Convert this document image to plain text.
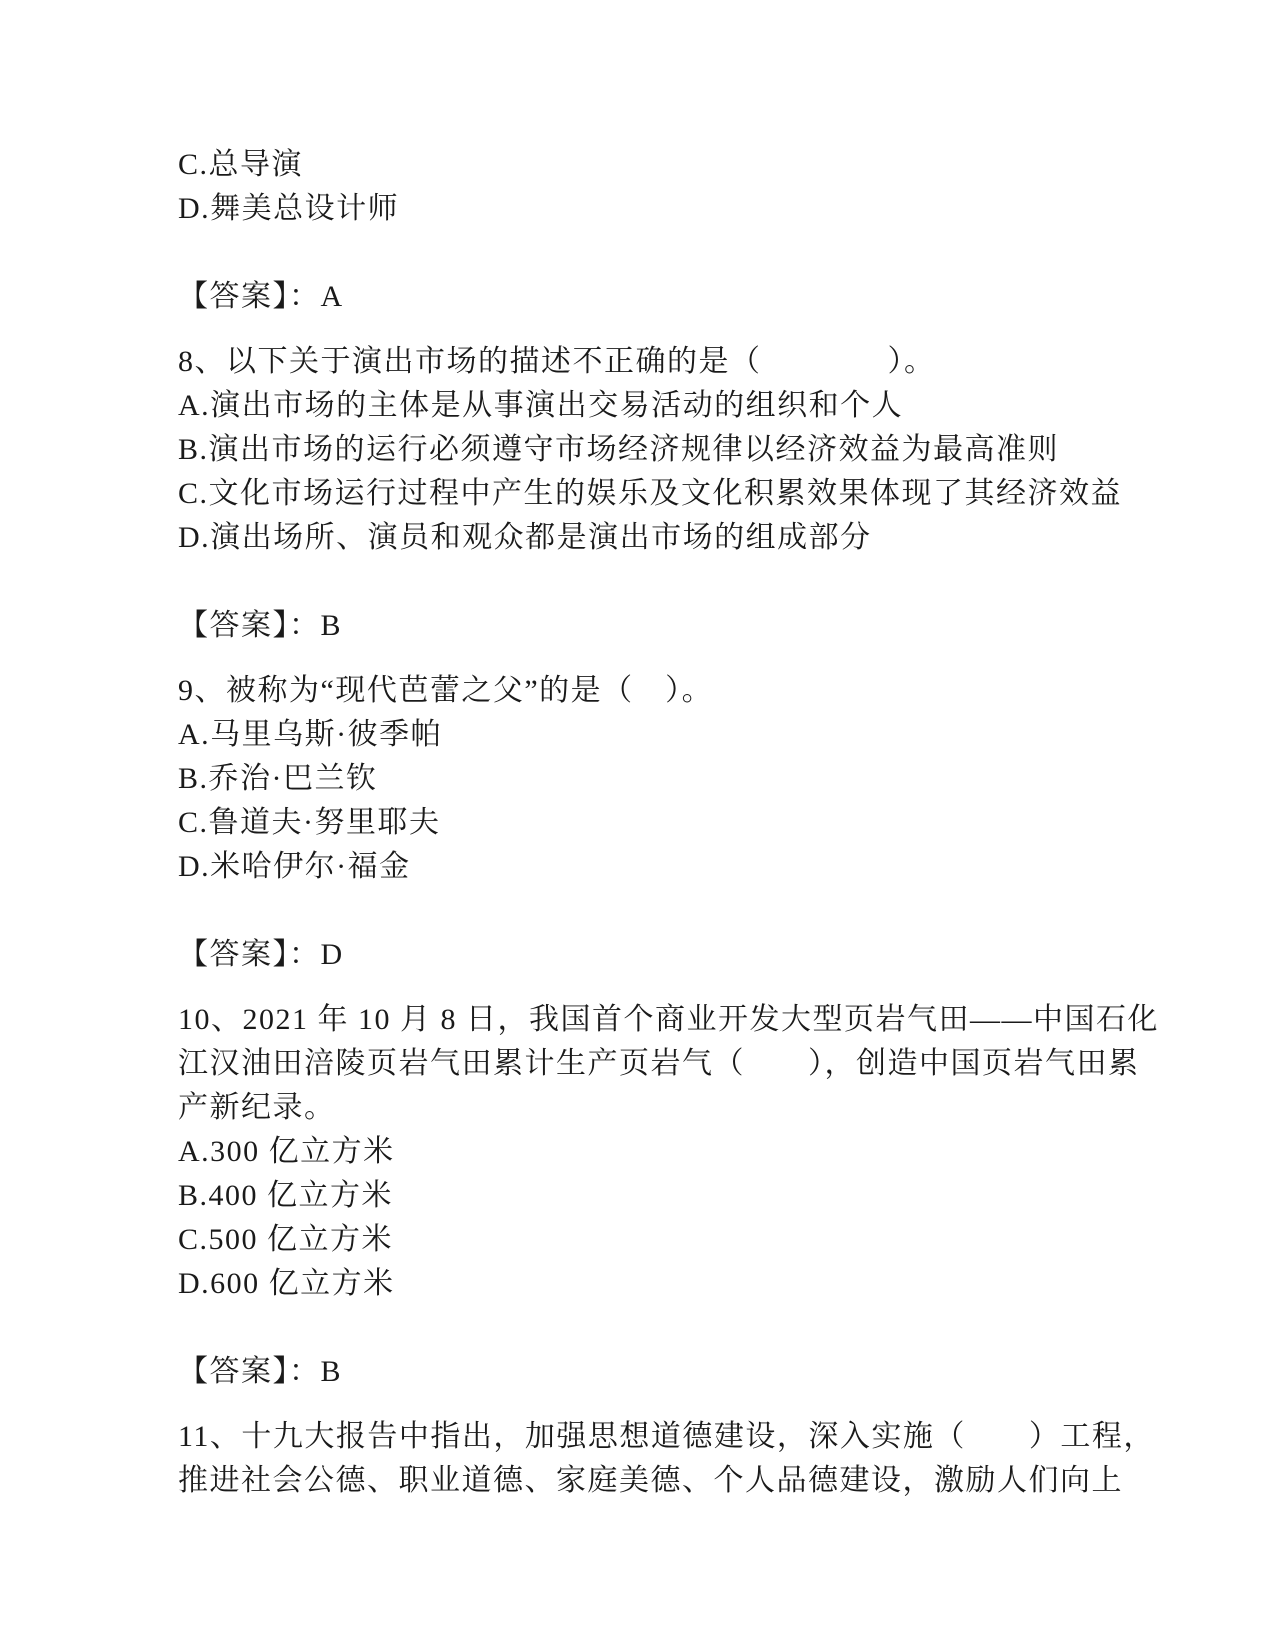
C.总导演
D.舞美总设计师
【答案】：A
8、以下关于演出市场的描述不正确的是（　　　　）。
A.演出市场的主体是从事演出交易活动的组织和个人
B.演出市场的运行必须遵守市场经济规律以经济效益为最高准则
C.文化市场运行过程中产生的娱乐及文化积累效果体现了其经济效益
D.演出场所、演员和观众都是演出市场的组成部分
【答案】：B
9、被称为“现代芭蕾之父”的是（　）。
A.马里乌斯·彼季帕
B.乔治·巴兰钦
C.鲁道夫·努里耶夫
D.米哈伊尔·福金
【答案】：D
10、2021 年 10 月 8 日，我国首个商业开发大型页岩气田——中国石化
江汉油田涪陵页岩气田累计生产页岩气（　　），创造中国页岩气田累
产新纪录。
A.300 亿立方米
B.400 亿立方米
C.500 亿立方米
D.600 亿立方米
【答案】：B
11、十九大报告中指出，加强思想道德建设，深入实施（　　）工程，
推进社会公德、职业道德、家庭美德、个人品德建设，激励人们向上
